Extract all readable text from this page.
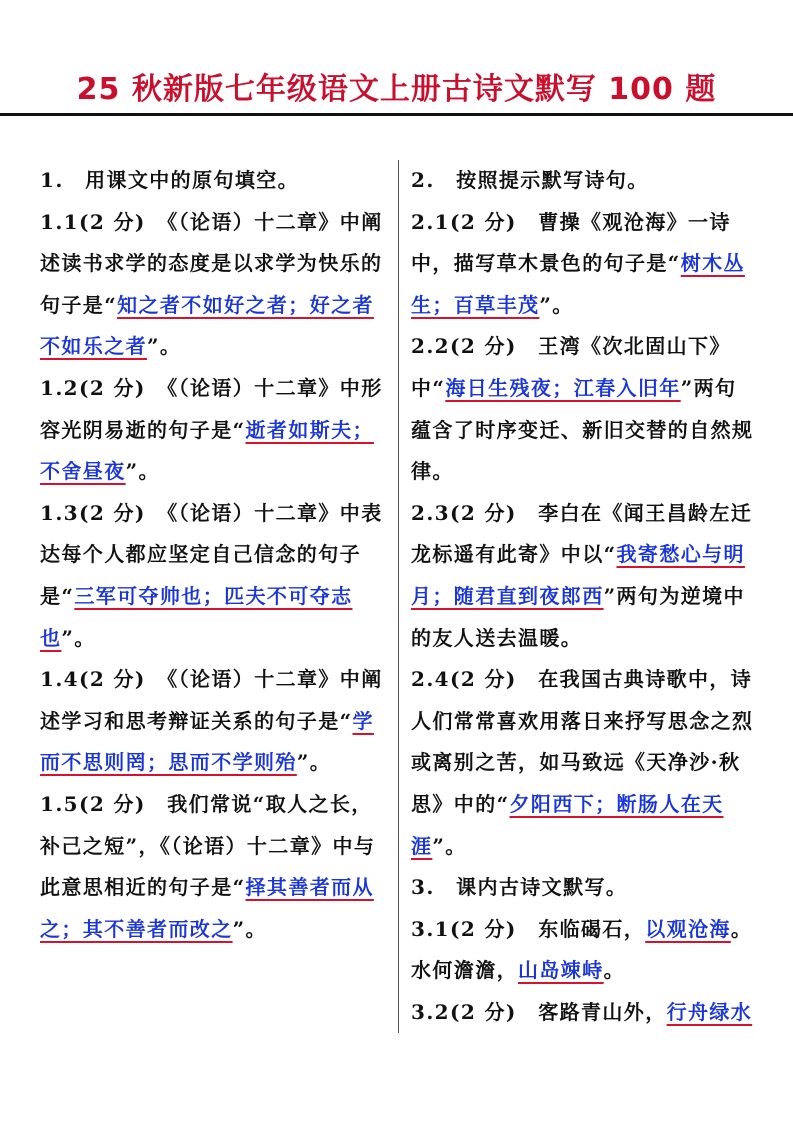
25 秋新版七年级语文上册古诗文默写 100 题

1.　用课文中的原句填空。

1.1(2 分)　《（论语）十二章》中阐述读书求学的态度是以求学为快乐的句子是“知之者不如好之者；好之者不如乐之者”。

1.2(2 分)　《（论语）十二章》中形容光阴易逝的句子是“逝者如斯夫；不舍昼夜”。

1.3(2 分)　《（论语）十二章》中表达每个人都应坚定自己信念的句子是“三军可夺帅也；匹夫不可夺志也”。

1.4(2 分)　《（论语）十二章》中阐述学习和思考辩证关系的句子是“学而不思则罔；思而不学则殆”。

1.5(2 分)　我们常说“取人之长，补己之短”，《（论语）十二章》中与此意思相近的句子是“择其善者而从之；其不善者而改之”。

2.　按照提示默写诗句。

2.1(2 分)　曹操《观沧海》一诗中，描写草木景色的句子是“树木丛生；百草丰茂”。

2.2(2 分)　王湾《次北固山下》中“海日生残夜；江春入旧年”两句蕴含了时序变迁、新旧交替的自然规律。

2.3(2 分)　李白在《闻王昌龄左迁龙标遥有此寄》中以“我寄愁心与明月；随君直到夜郎西”两句为逆境中的友人送去温暖。

2.4(2 分)　在我国古典诗歌中，诗人们常常喜欢用落日来抒写思念之烈或离别之苦，如马致远《天净沙·秋思》中的“夕阳西下；断肠人在天涯”。

3.　课内古诗文默写。

3.1(2 分)　东临碣石，以观沧海。水何澹澹，山岛竦峙。

3.2(2 分)　客路青山外，行舟绿水
